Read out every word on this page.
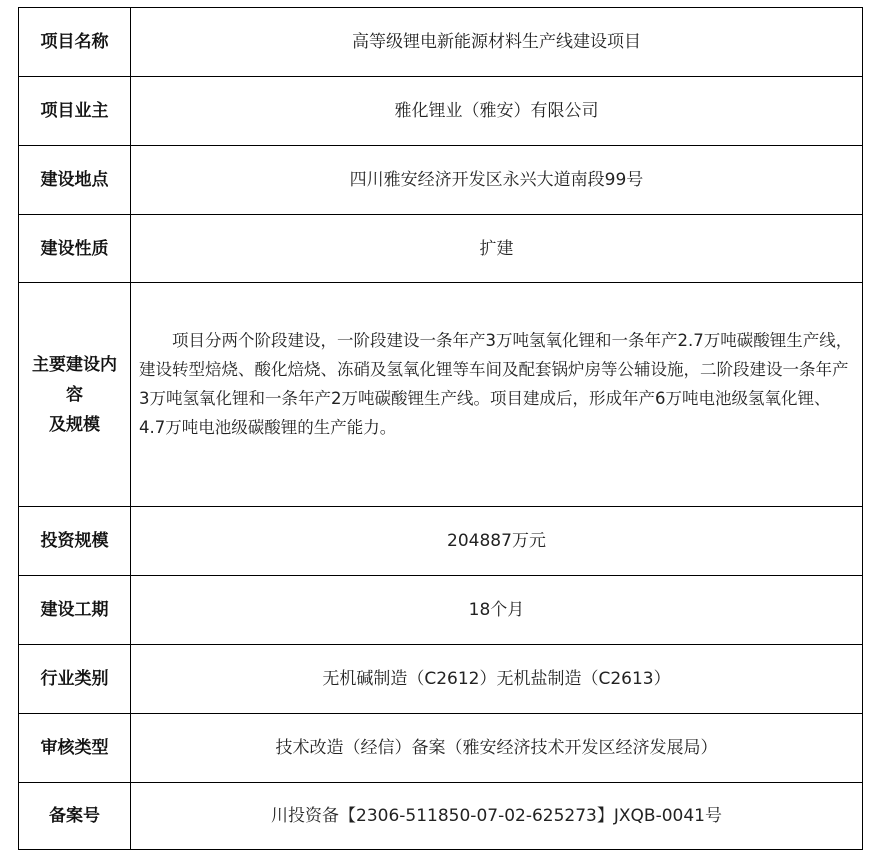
项目名称	高等级锂电新能源材料生产线建设项目
项目业主	雅化锂业（雅安）有限公司
建设地点	四川雅安经济开发区永兴大道南段99号
建设性质	扩建

主要建设内
容
及规模	项目分两个阶段建设，一阶段建设一条年产3万吨氢氧化锂和一条年产2.7万吨碳酸锂生产线，建设转型焙烧、酸化焙烧、冻硝及氢氧化锂等车间及配套锅炉房等公辅设施，二阶段建设一条年产3万吨氢氧化锂和一条年产2万吨碳酸锂生产线。项目建成后，形成年产6万吨电池级氢氧化锂、4.7万吨电池级碳酸锂的生产能力。

投资规模	204887万元
建设工期	18个月
行业类别	无机碱制造（C2612）无机盐制造（C2613）
审核类型	技术改造（经信）备案（雅安经济技术开发区经济发展局）
备案号	川投资备【2306-511850-07-02-625273】JXQB-0041号
